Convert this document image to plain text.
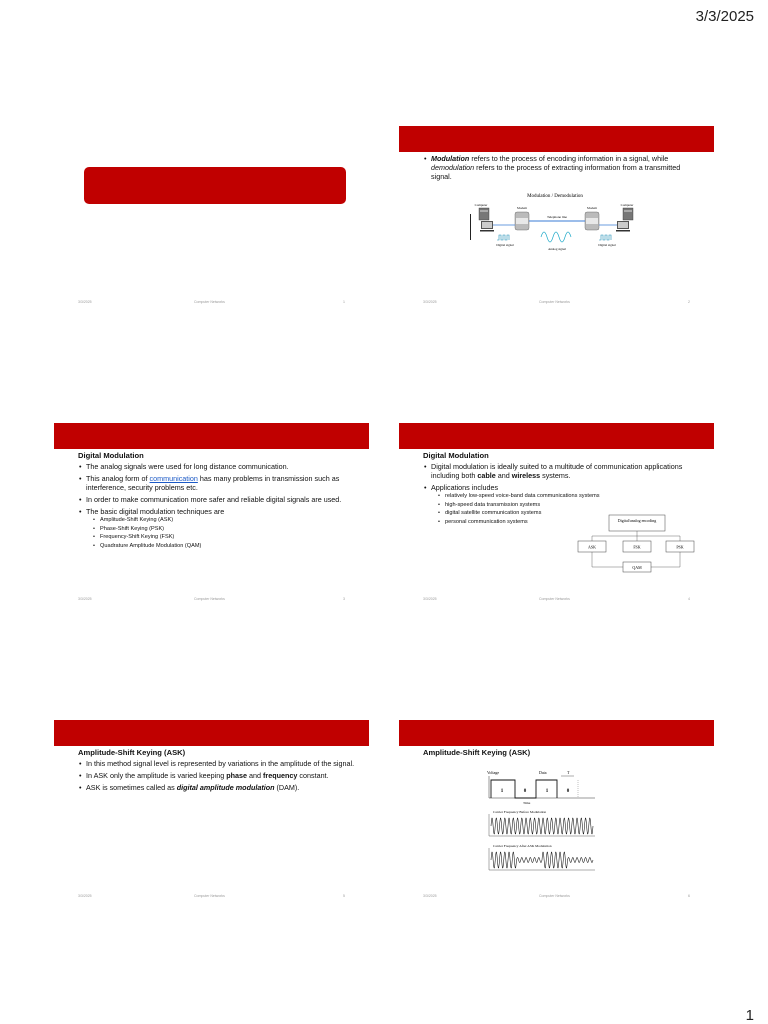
3/3/2025
3/3/2025	Computer Networks	1
• Modulation refers to the process of encoding information in a signal, while demodulation refers to the process of extracting information from a transmitted signal.
Modulation / Demodulation
Computer
Modem	Modem
Computer
Telephone line
Digital signal
Analog signal
Digital signal
3/3/2025	Computer Networks	2
Digital Modulation
• The analog signals were used for long distance communication.
• This analog form of communication has many problems in transmission such as interference, security problems etc.
• In order to make communication more safer and reliable digital signals are used.
• The basic digital modulation techniques are
• Amplitude-Shift Keying (ASK)
• Phase-Shift Keying (PSK)
• Frequency-Shift Keying (FSK)
• Quadrature Amplitude Modulation (QAM)
3/3/2025	Computer Networks	3
Digital Modulation
• Digital modulation is ideally suited to a multitude of communication applications including both cable and wireless systems.
• Applications includes
• relatively low-speed voice-band data communications systems
• high-speed data transmission systems
• digital satellite communication systems
• personal communication systems	Digital/analog encoding
ASK	FSK	PSK
QAM
3/3/2025	Computer Networks	4
Amplitude-Shift Keying (ASK)
• In this method signal level is represented by variations in the amplitude of the signal.
• In ASK only the amplitude is varied keeping phase and frequency constant.
• ASK is sometimes called as digital amplitude modulation (DAM).
3/3/2025	Computer Networks	5
Amplitude-Shift Keying (ASK)
Voltage	Data	T
1	0	1	0
Time
Carrier Frequency Before Modulation
Carrier Frequency After ASK Modulation
3/3/2025	Computer Networks	6
1
